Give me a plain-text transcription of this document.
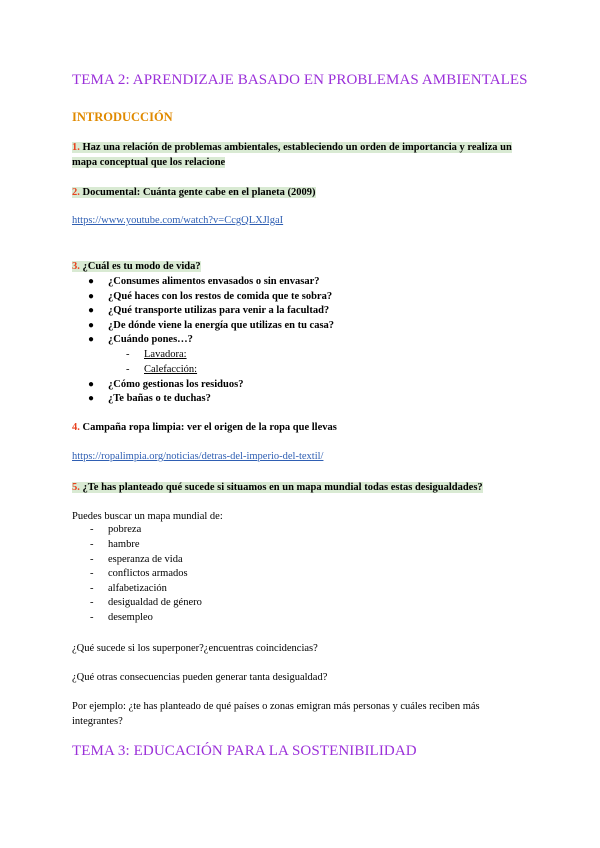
TEMA 2: APRENDIZAJE BASADO EN PROBLEMAS AMBIENTALES
INTRODUCCIÓN
1. Haz una relación de problemas ambientales, estableciendo un orden de importancia y realiza un mapa conceptual que los relacione
2. Documental: Cuánta gente cabe en el planeta (2009)
https://www.youtube.com/watch?v=CcgQLXJlgaI
3. ¿Cuál es tu modo de vida?
● ¿Consumes alimentos envasados o sin envasar?
● ¿Qué haces con los restos de comida que te sobra?
● ¿Qué transporte utilizas para venir a la facultad?
● ¿De dónde viene la energía que utilizas en tu casa?
● ¿Cuándo pones…?
- Lavadora:
- Calefacción:
● ¿Cómo gestionas los residuos?
● ¿Te bañas o te duchas?
4. Campaña ropa limpia: ver el origen de la ropa que llevas
https://ropalimpia.org/noticias/detras-del-imperio-del-textil/
5. ¿Te has planteado qué sucede si situamos en un mapa mundial todas estas desigualdades?
Puedes buscar un mapa mundial de:
- pobreza
- hambre
- esperanza de vida
- conflictos armados
- alfabetización
- desigualdad de género
- desempleo
¿Qué sucede si los superponer?¿encuentras coincidencias?
¿Qué otras consecuencias pueden generar tanta desigualdad?
Por ejemplo: ¿te has planteado de qué países o zonas emigran más personas y cuáles reciben más integrantes?
TEMA 3: EDUCACIÓN PARA LA SOSTENIBILIDAD
